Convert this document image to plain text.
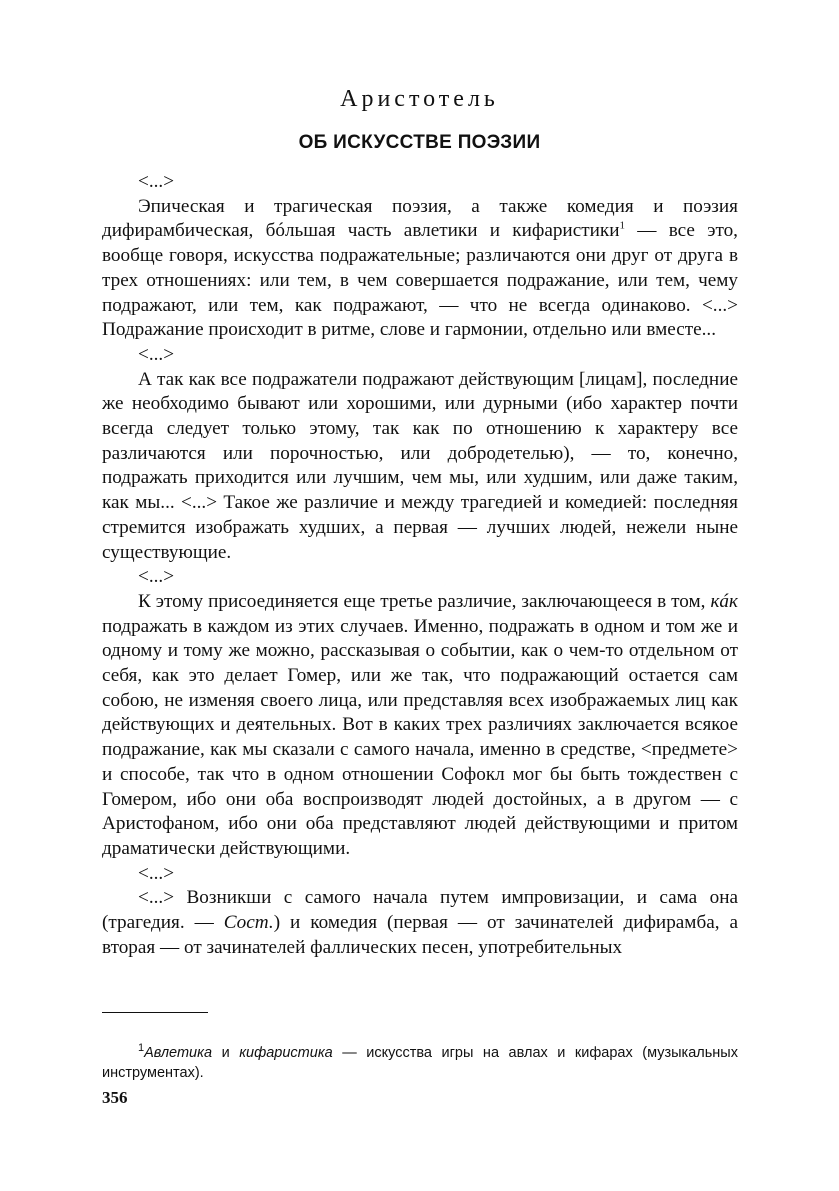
Аристотель
ОБ ИСКУССТВЕ ПОЭЗИИ

<...>

Эпическая и трагическая поэзия, а также комедия и поэзия дифирамбическая, бóльшая часть авлетики и кифаристики$^1$ — все это, вообще говоря, искусства подражательные; различаются они друг от друга в трех отношениях: или тем, в чем совершается подражание, или тем, чему подражают, или тем, как подражают, — что не всегда одинаково. <...> Подражание происходит в ритме, слове и гармонии, отдельно или вместе...

<...>

А так как все подражатели подражают действующим [лицам], последние же необходимо бывают или хорошими, или дурными (ибо характер почти всегда следует только этому, так как по отношению к характеру все различаются или порочностью, или добродетелью), — то, конечно, подражать приходится или лучшим, чем мы, или худшим, или даже таким, как мы... <...> Такое же различие и между трагедией и комедией: последняя стремится изображать худших, а первая — лучших людей, нежели ныне существующие.

<...>

К этому присоединяется еще третье различие, заключающееся в том, кáк подражать в каждом из этих случаев. Именно, подражать в одном и том же и одному и тому же можно, рассказывая о событии, как о чем-то отдельном от себя, как это делает Гомер, или же так, что подражающий остается сам собою, не изменяя своего лица, или представляя всех изображаемых лиц как действующих и деятельных. Вот в каких трех различиях заключается всякое подражание, как мы сказали с самого начала, именно в средстве, <предмете> и способе, так что в одном отношении Софокл мог бы быть тождествен с Гомером, ибо они оба воспроизводят людей достойных, а в другом — с Аристофаном, ибо они оба представляют людей действующими и притом драматически действующими.

<...>

<...> Возникши с самого начала путем импровизации, и сама она (трагедия. — Сост.) и комедия (первая — от зачинателей дифирамба, а вторая — от зачинателей фаллических песен, употребительных

$^1$Авлетика и кифаристика — искусства игры на авлах и кифарах (музыкальных инструментах).
356
